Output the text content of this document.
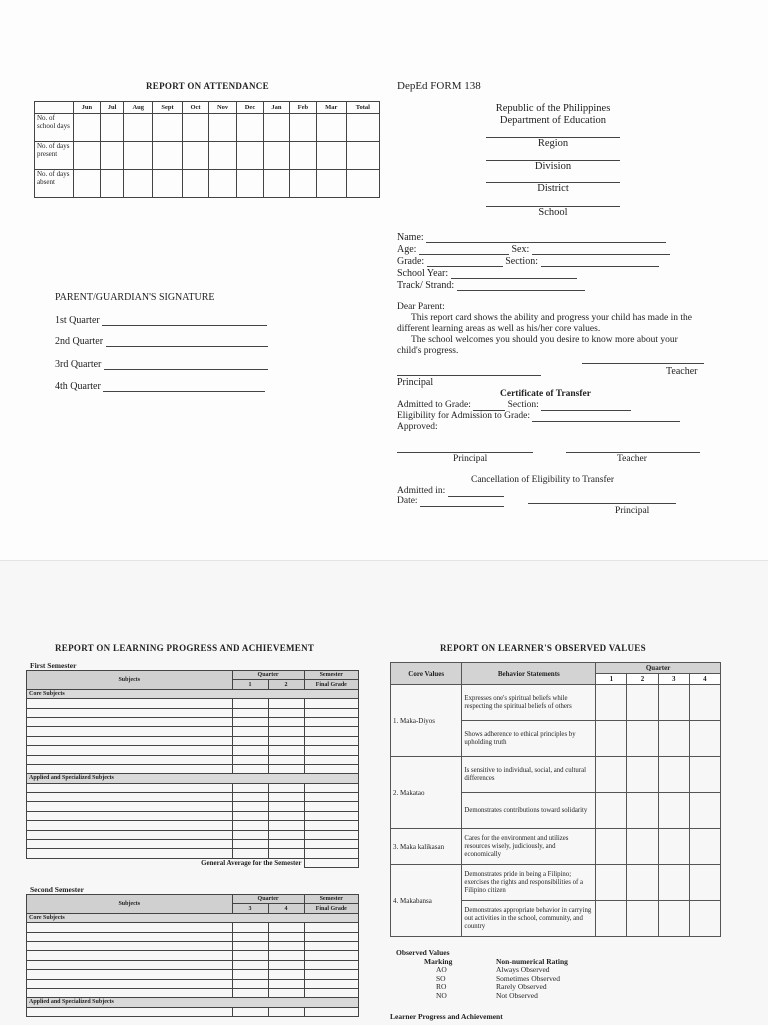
REPORT ON ATTENDANCE
	Jun	Jul	Aug	Sept	Oct	Nov	Dec	Jan	Feb	Mar	Total
No. of school days											
No. of days present											
No. of days absent											
PARENT/GUARDIAN'S SIGNATURE
1st Quarter
2nd Quarter
3rd Quarter
4th Quarter
DepEd FORM 138
Republic of the Philippines
Department of Education
Region
Division
District
School
Name:
Age:	Sex:
Grade:	Section:
School Year:
Track/ Strand:
Dear Parent:
This report card shows the ability and progress your child has made in the different learning areas as well as his/her core values.
The school welcomes you should you desire to know more about your child's progress.
Teacher
Principal
Certificate of Transfer
Admitted to Grade:	Section:
Eligibility for Admission to Grade:
Approved:
Principal	Teacher
Cancellation of Eligibility to Transfer
Admitted in:
Date:
Principal
REPORT ON LEARNING PROGRESS AND ACHIEVEMENT
First Semester
Subjects	Quarter		Semester
	1	2	Final Grade
Core Subjects			

Applied and Specialized Subjects			

General Average for the Semester			
Second Semester
Subjects	Quarter		Semester
	3	4	Final Grade
Core Subjects			

Applied and Specialized Subjects			

REPORT ON LEARNER'S OBSERVED VALUES
Core Values	Behavior Statements	Quarter			
		1	2	3	4
1. Maka-Diyos	Expresses one's spiritual beliefs while respecting the spiritual beliefs of others				
	Shows adherence to ethical principles by upholding truth				
2. Makatao	Is sensitive to individual, social, and cultural differences				
	Demonstrates contributions toward solidarity				
3. Maka kalikasan	Cares for the environment and utilizes resources wisely, judiciously, and economically				
4. Makabansa	Demonstrates pride in being a Filipino; exercises the rights and responsibilities of a Filipino citizen				
	Demonstrates appropriate behavior in carrying out activities in the school, community, and country				
Observed Values
Marking	Non-numerical Rating
AO	Always Observed
SO	Sometimes Observed
RO	Rarely Observed
NO	Not Observed
Learner Progress and Achievement
